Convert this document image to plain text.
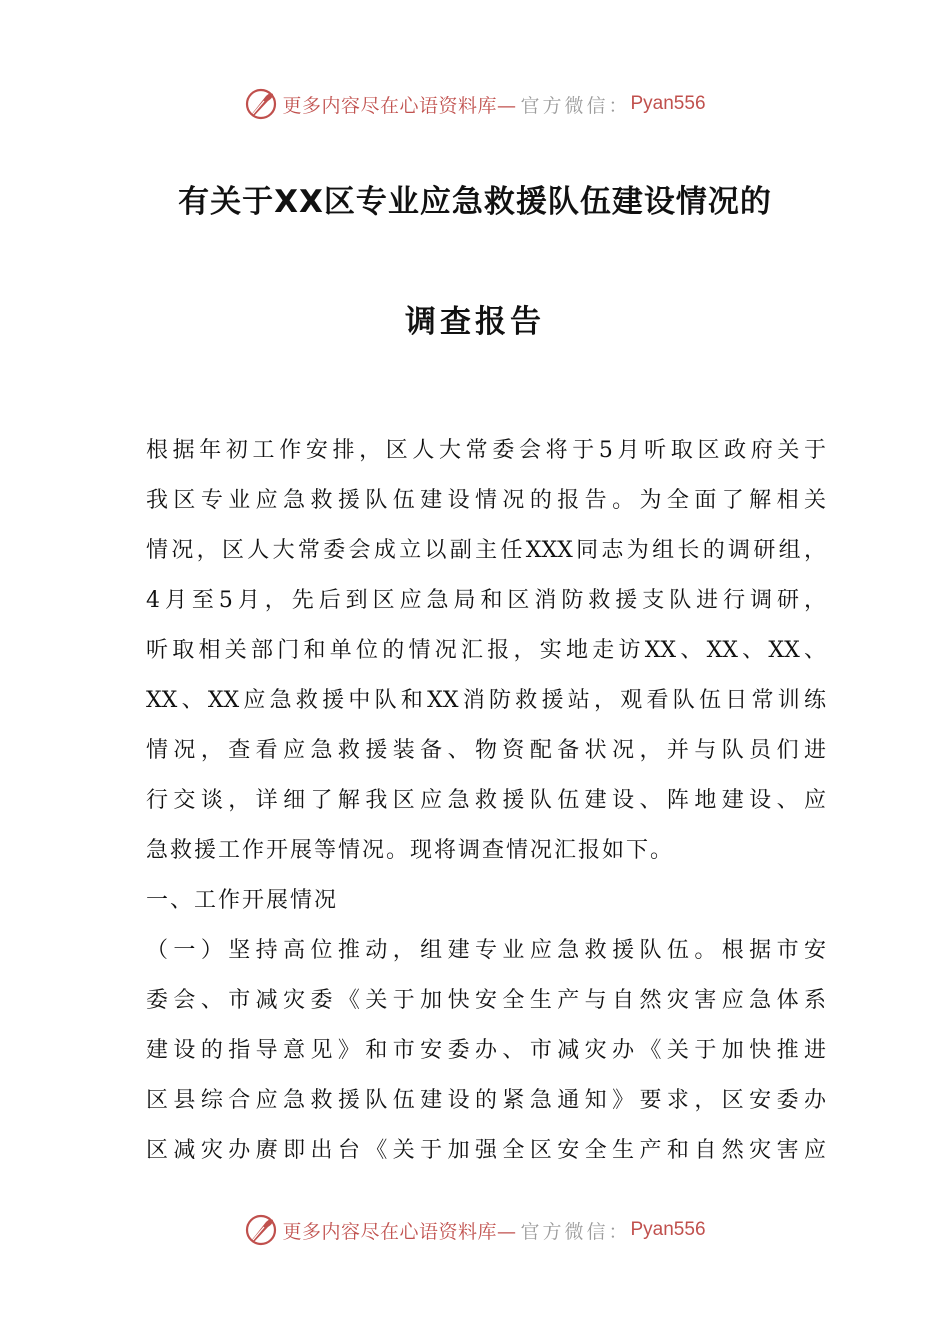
更多内容尽在心语资料库— 官方微信： Pyan556
有关于XX区专业应急救援队伍建设情况的
调查报告
根据年初工作安排，区人大常委会将于5月听取区政府关于
我区专业应急救援队伍建设情况的报告。为全面了解相关
情况，区人大常委会成立以副主任XXX同志为组长的调研组，
4月至5月，先后到区应急局和区消防救援支队进行调研，
听取相关部门和单位的情况汇报，实地走访XX、XX、XX、
XX、XX应急救援中队和XX消防救援站，观看队伍日常训练
情况，查看应急救援装备、物资配备状况，并与队员们进
行交谈，详细了解我区应急救援队伍建设、阵地建设、应
急救援工作开展等情况。现将调查情况汇报如下。
一、工作开展情况
（一）坚持高位推动，组建专业应急救援队伍。根据市安
委会、市减灾委《关于加快安全生产与自然灾害应急体系
建设的指导意见》和市安委办、市减灾办《关于加快推进
区县综合应急救援队伍建设的紧急通知》要求，区安委办
区减灾办赓即出台《关于加强全区安全生产和自然灾害应
更多内容尽在心语资料库— 官方微信： Pyan556
